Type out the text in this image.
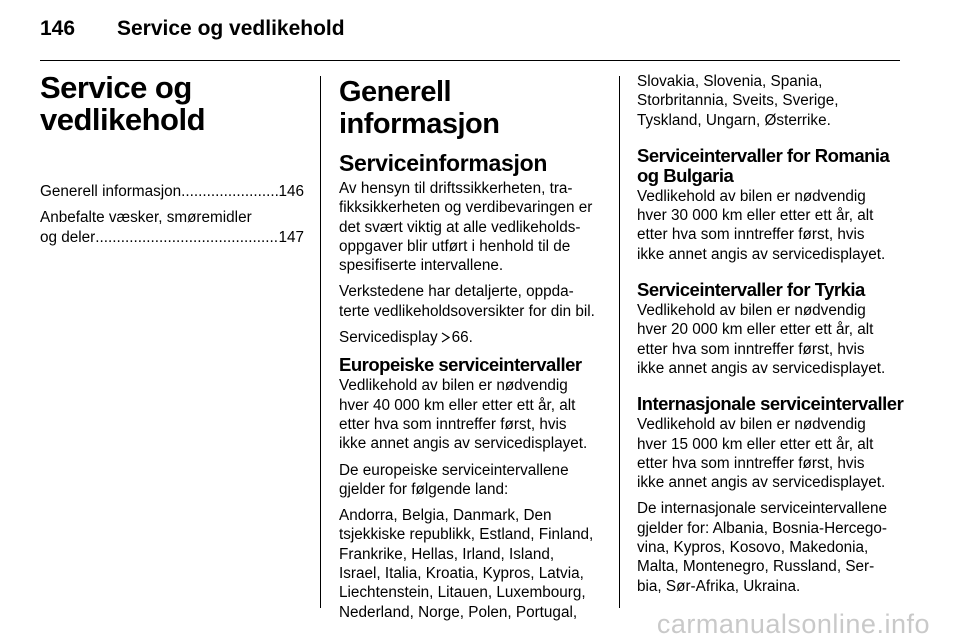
146 Service og vedlikehold
Service og
vedlikehold
Generell informasjon .....	146
Anbefalte væsker, smøremidler
og deler .....	147
Generell informasjon
Serviceinformasjon

Av hensyn til driftssikkerheten, tra-
fikksikkerheten og verdibevaringen er
det svært viktig at alle vedlikeholds-
oppgaver blir utført i henhold til de
spesifiserte intervallene.

Verkstedene har detaljerte, oppda-
terte vedlikeholdsoversikter for din bil.

Servicedisplay 66.

Europeiske serviceintervaller

Vedlikehold av bilen er nødvendig
hver 40 000 km eller etter ett år, alt
etter hva som inntreffer først, hvis
ikke annet angis av servicedisplayet.

De europeiske serviceintervallene
gjelder for følgende land:

Andorra, Belgia, Danmark, Den
tsjekkiske republikk, Estland, Finland,
Frankrike, Hellas, Irland, Island,
Israel, Italia, Kroatia, Kypros, Latvia,
Liechtenstein, Litauen, Luxembourg,
Nederland, Norge, Polen, Portugal,

Slovakia, Slovenia, Spania,
Storbritannia, Sveits, Sverige,
Tyskland, Ungarn, Østerrike.

Serviceintervaller for Romania
og Bulgaria

Vedlikehold av bilen er nødvendig
hver 30 000 km eller etter ett år, alt
etter hva som inntreffer først, hvis
ikke annet angis av servicedisplayet.

Serviceintervaller for Tyrkia

Vedlikehold av bilen er nødvendig
hver 20 000 km eller etter ett år, alt
etter hva som inntreffer først, hvis
ikke annet angis av servicedisplayet.

Internasjonale serviceintervaller

Vedlikehold av bilen er nødvendig
hver 15 000 km eller etter ett år, alt
etter hva som inntreffer først, hvis
ikke annet angis av servicedisplayet.

De internasjonale serviceintervallene
gjelder for: Albania, Bosnia-Hercego-
vina, Kypros, Kosovo, Makedonia,
Malta, Montenegro, Russland, Ser-
bia, Sør-Afrika, Ukraina.

carmanualsonline.info
